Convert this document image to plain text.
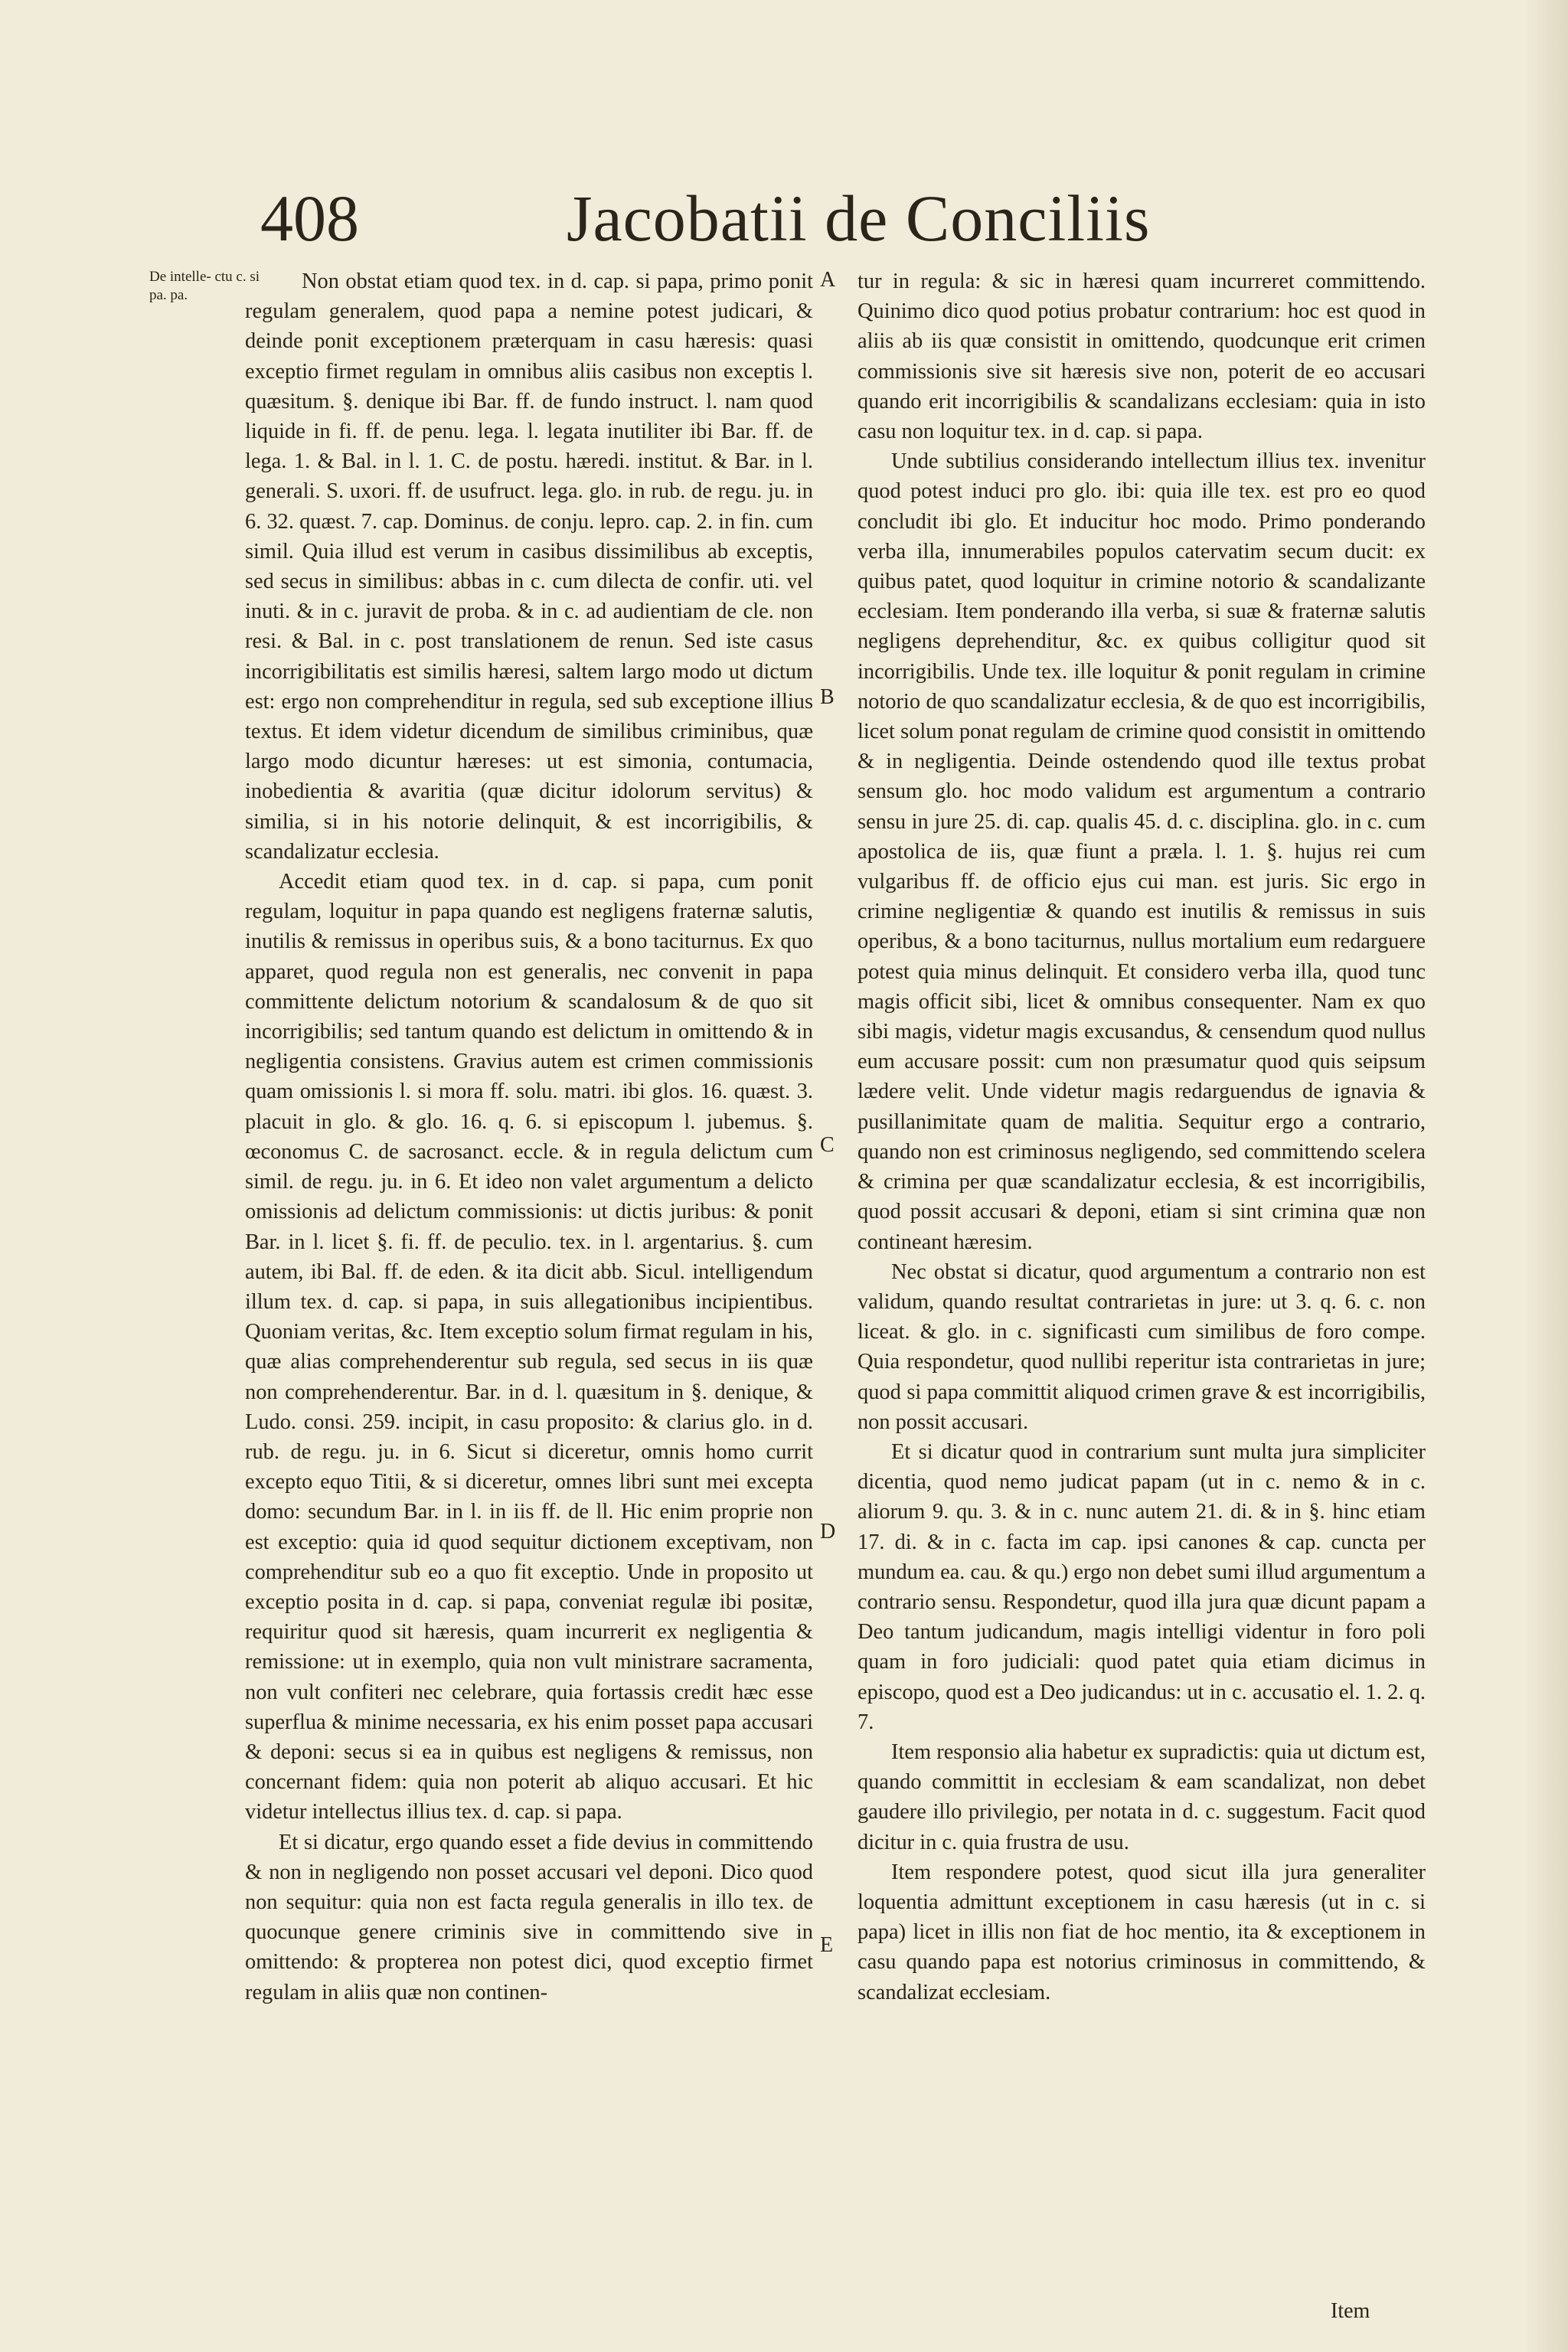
408	Jacobatii de Conciliis
De intelle- ctu c. si pa. pa.

Non obstat etiam quod tex. in d. cap. si papa, primo ponit regulam generalem, quod papa a nemine potest judicari, & deinde ponit exceptionem præterquam in casu hæresis: quasi exceptio firmet regulam in omnibus aliis casibus non exceptis l. quæsitum. §. denique ibi Bar. ff. de fundo instruct. l. nam quod liquide in fi. ff. de penu. lega. l. legata inutiliter ibi Bar. ff. de lega. 1. & Bal. in l. 1. C. de postu. hæredi. institut. & Bar. in l. generali. S. uxori. ff. de usufruct. lega. glo. in rub. de regu. ju. in 6. 32. quæst. 7. cap. Dominus. de conju. lepro. cap. 2. in fin. cum simil. Quia illud est verum in casibus dissimilibus ab exceptis, sed secus in similibus: abbas in c. cum dilecta de confir. uti. vel inuti. & in c. juravit de proba. & in c. ad audientiam de cle. non resi. & Bal. in c. post translationem de renun. Sed iste casus incorrigibilitatis est similis hæresi, saltem largo modo ut dictum est: ergo non comprehenditur in regula, sed sub exceptione illius textus. Et idem videtur dicendum de similibus criminibus, quæ largo modo dicuntur hæreses: ut est simonia, contumacia, inobedientia & avaritia (quæ dicitur idolorum servitus) & similia, si in his notorie delinquit, & est incorrigibilis, & scandalizatur ecclesia.

Accedit etiam quod tex. in d. cap. si papa, cum ponit regulam, loquitur in papa quando est negligens fraternæ salutis, inutilis & remissus in operibus suis, & a bono taciturnus. Ex quo apparet, quod regula non est generalis, nec convenit in papa committente delictum notorium & scandalosum & de quo sit incorrigibilis; sed tantum quando est delictum in omittendo & in negligentia consistens. Gravius autem est crimen commissionis quam omissionis l. si mora ff. solu. matri. ibi glos. 16. quæst. 3. placuit in glo. & glo. 16. q. 6. si episcopum l. jubemus. §. œconomus C. de sacrosanct. eccle. & in regula delictum cum simil. de regu. ju. in 6. Et ideo non valet argumentum a delicto omissionis ad delictum commissionis: ut dictis juribus: & ponit Bar. in l. licet §. fi. ff. de peculio. tex. in l. argentarius. §. cum autem, ibi Bal. ff. de eden. & ita dicit abb. Sicul. intelligendum illum tex. d. cap. si papa, in suis allegationibus incipientibus. Quoniam veritas, &c. Item exceptio solum firmat regulam in his, quæ alias comprehenderentur sub regula, sed secus in iis quæ non comprehenderentur. Bar. in d. l. quæsitum in §. denique, & Ludo. consi. 259. incipit, in casu proposito: & clarius glo. in d. rub. de regu. ju. in 6. Sicut si diceretur, omnis homo currit excepto equo Titii, & si diceretur, omnes libri sunt mei excepta domo: secundum Bar. in l. in iis ff. de ll. Hic enim proprie non est exceptio: quia id quod sequitur dictionem exceptivam, non comprehenditur sub eo a quo fit exceptio. Unde in proposito ut exceptio posita in d. cap. si papa, conveniat regulæ ibi positæ, requiritur quod sit hæresis, quam incurrerit ex negligentia & remissione: ut in exemplo, quia non vult ministrare sacramenta, non vult confiteri nec celebrare, quia fortassis credit hæc esse superflua & minime necessaria, ex his enim posset papa accusari & deponi: secus si ea in quibus est negligens & remissus, non concernant fidem: quia non poterit ab aliquo accusari. Et hic videtur intellectus illius tex. d. cap. si papa.

Et si dicatur, ergo quando esset a fide devius in committendo & non in negligendo non posset accusari vel deponi. Dico quod non sequitur: quia non est facta regula generalis in illo tex. de quocunque genere criminis sive in committendo sive in omittendo: & propterea non potest dici, quod exceptio firmet regulam in aliis quæ non continen-

A
B
C
D
E

tur in regula: & sic in hæresi quam incurreret committendo. Quinimo dico quod potius probatur contrarium: hoc est quod in aliis ab iis quæ consistit in omittendo, quodcunque erit crimen commissionis sive sit hæresis sive non, poterit de eo accusari quando erit incorrigibilis & scandalizans ecclesiam: quia in isto casu non loquitur tex. in d. cap. si papa.

Unde subtilius considerando intellectum illius tex. invenitur quod potest induci pro glo. ibi: quia ille tex. est pro eo quod concludit ibi glo. Et inducitur hoc modo. Primo ponderando verba illa, innumerabiles populos catervatim secum ducit: ex quibus patet, quod loquitur in crimine notorio & scandalizante ecclesiam. Item ponderando illa verba, si suæ & fraternæ salutis negligens deprehenditur, &c. ex quibus colligitur quod sit incorrigibilis. Unde tex. ille loquitur & ponit regulam in crimine notorio de quo scandalizatur ecclesia, & de quo est incorrigibilis, licet solum ponat regulam de crimine quod consistit in omittendo & in negligentia. Deinde ostendendo quod ille textus probat sensum glo. hoc modo validum est argumentum a contrario sensu in jure 25. di. cap. qualis 45. d. c. disciplina. glo. in c. cum apostolica de iis, quæ fiunt a præla. l. 1. §. hujus rei cum vulgaribus ff. de officio ejus cui man. est juris. Sic ergo in crimine negligentiæ & quando est inutilis & remissus in suis operibus, & a bono taciturnus, nullus mortalium eum redarguere potest quia minus delinquit. Et considero verba illa, quod tunc magis officit sibi, licet & omnibus consequenter. Nam ex quo sibi magis, videtur magis excusandus, & censendum quod nullus eum accusare possit: cum non præsumatur quod quis seipsum lædere velit. Unde videtur magis redarguendus de ignavia & pusillanimitate quam de malitia. Sequitur ergo a contrario, quando non est criminosus negligendo, sed committendo scelera & crimina per quæ scandalizatur ecclesia, & est incorrigibilis, quod possit accusari & deponi, etiam si sint crimina quæ non contineant hæresim.

Nec obstat si dicatur, quod argumentum a contrario non est validum, quando resultat contrarietas in jure: ut 3. q. 6. c. non liceat. & glo. in c. significasti cum similibus de foro compe. Quia respondetur, quod nullibi reperitur ista contrarietas in jure; quod si papa committit aliquod crimen grave & est incorrigibilis, non possit accusari.

Et si dicatur quod in contrarium sunt multa jura simpliciter dicentia, quod nemo judicat papam (ut in c. nemo & in c. aliorum 9. qu. 3. & in c. nunc autem 21. di. & in §. hinc etiam 17. di. & in c. facta im cap. ipsi canones & cap. cuncta per mundum ea. cau. & qu.) ergo non debet sumi illud argumentum a contrario sensu. Respondetur, quod illa jura quæ dicunt papam a Deo tantum judicandum, magis intelligi videntur in foro poli quam in foro judiciali: quod patet quia etiam dicimus in episcopo, quod est a Deo judicandus: ut in c. accusatio el. 1. 2. q. 7.

Item responsio alia habetur ex supradictis: quia ut dictum est, quando committit in ecclesiam & eam scandalizat, non debet gaudere illo privilegio, per notata in d. c. suggestum. Facit quod dicitur in c. quia frustra de usu.

Item respondere potest, quod sicut illa jura generaliter loquentia admittunt exceptionem in casu hæresis (ut in c. si papa) licet in illis non fiat de hoc mentio, ita & exceptionem in casu quando papa est notorius criminosus in committendo, & scandalizat ecclesiam.

Item
